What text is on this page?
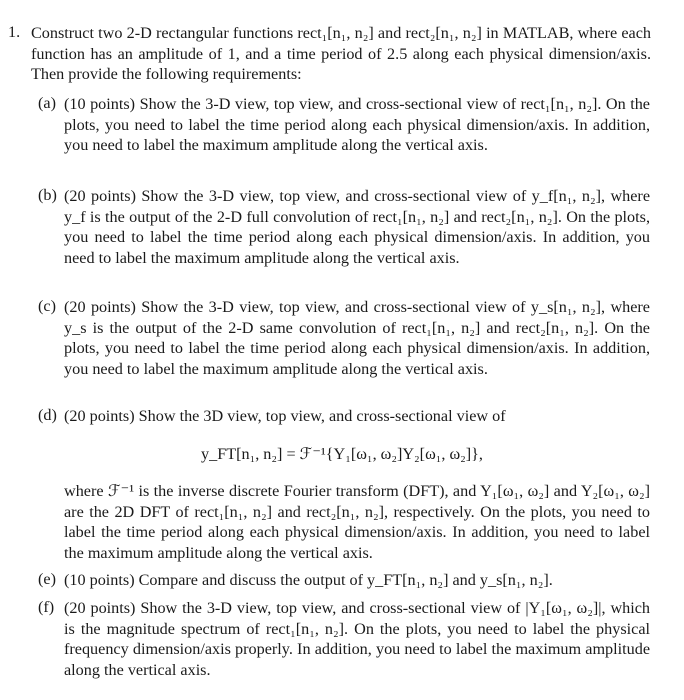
1. Construct two 2-D rectangular functions rect₁[n₁, n₂] and rect₂[n₁, n₂] in MATLAB, where each function has an amplitude of 1, and a time period of 2.5 along each physical dimension/axis. Then provide the following requirements:
(a) (10 points) Show the 3-D view, top view, and cross-sectional view of rect₁[n₁, n₂]. On the plots, you need to label the time period along each physical dimension/axis. In addition, you need to label the maximum amplitude along the vertical axis.
(b) (20 points) Show the 3-D view, top view, and cross-sectional view of y_f[n₁, n₂], where y_f is the output of the 2-D full convolution of rect₁[n₁, n₂] and rect₂[n₁, n₂]. On the plots, you need to label the time period along each physical dimension/axis. In addition, you need to label the maximum amplitude along the vertical axis.
(c) (20 points) Show the 3-D view, top view, and cross-sectional view of y_s[n₁, n₂], where y_s is the output of the 2-D same convolution of rect₁[n₁, n₂] and rect₂[n₁, n₂]. On the plots, you need to label the time period along each physical dimension/axis. In addition, you need to label the maximum amplitude along the vertical axis.
(d) (20 points) Show the 3D view, top view, and cross-sectional view of
y_FT[n₁, n₂] = ℱ⁻¹{Y₁[ω₁, ω₂]Y₂[ω₁, ω₂]},
where ℱ⁻¹ is the inverse discrete Fourier transform (DFT), and Y₁[ω₁, ω₂] and Y₂[ω₁, ω₂] are the 2D DFT of rect₁[n₁, n₂] and rect₂[n₁, n₂], respectively. On the plots, you need to label the time period along each physical dimension/axis. In addition, you need to label the maximum amplitude along the vertical axis.
(e) (10 points) Compare and discuss the output of y_FT[n₁, n₂] and y_s[n₁, n₂].
(f) (20 points) Show the 3-D view, top view, and cross-sectional view of |Y₁[ω₁, ω₂]|, which is the magnitude spectrum of rect₁[n₁, n₂]. On the plots, you need to label the physical frequency dimension/axis properly. In addition, you need to label the maximum amplitude along the vertical axis.
